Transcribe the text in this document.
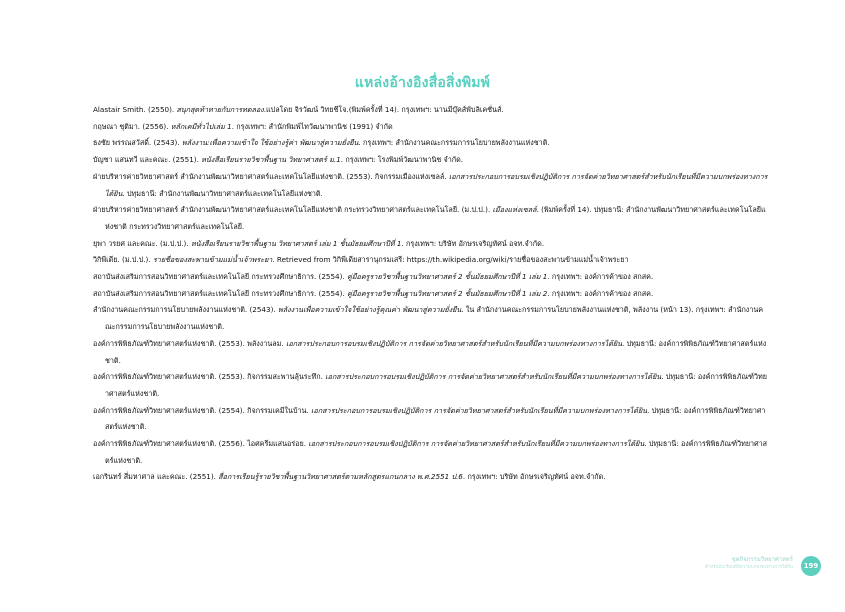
แหล่งอ้างอิงสื่อสิ่งพิมพ์
Alastair Smith. (2550). สนุกสุดท้าทายกับการทดลอง.แปลโดย จิรวัฒน์ วิทยชีโจ.(พิมพ์ครั้งที่ 14). กรุงเทพฯ: นานมีบุ๊คส์พับลิเคชั่นส์.
กฤษณา ชุติมา. (2556). หลักเคมีทั่วไปเล่ม 1. กรุงเทพฯ: สำนักพิมพ์ไทวัฒนาพานิช (1991) จำกัด
ธงชัย พรรณสวัสดิ์. (2543). พลังงาน:เพื่อความเข้าใจ ใช้อย่างรู้ค่า พัฒนาสู่ความยั่งยืน. กรุงเทพฯ: สำนักงานคณะกรรมการนโยบายพลังงานแห่งชาติ.
บัญชา แสนทวี และคณะ. (2551). หนังสือเรียนรายวิชาพื้นฐาน วิทยาศาสตร์ ม.1. กรุงเทพฯ: โรงพิมพ์วัฒนาพานิช จำกัด.
ฝ่ายบริหารค่ายวิทยาศาสตร์ สำนักงานพัฒนาวิทยาศาสตร์และเทคโนโลยีแห่งชาติ. (2553). กิจกรรมเมืองแห่งเซลล์. เอกสารประกอบการอบรมเชิงปฏิบัติการ การจัดค่ายวิทยาศาสตร์สำหรับนักเรียนที่มีความบกพร่องทางการได้ยิน. ปทุมธานี: สำนักงานพัฒนาวิทยาศาสตร์และเทคโนโลยีแห่งชาติ.
ฝ่ายบริหารค่ายวิทยาศาสตร์ สำนักงานพัฒนาวิทยาศาสตร์และเทคโนโลยีแห่งชาติ กระทรวงวิทยาศาสตร์และเทคโนโลยี. (ม.ป.ป.). เมืองแห่งเซลล์. (พิมพ์ครั้งที่ 14). ปทุมธานี: สำนักงานพัฒนาวิทยาศาสตร์และเทคโนโลยีแห่งชาติ กระทรวงวิทยาศาสตร์และเทคโนโลยี.
ยุพา วรยศ และคณะ. (ม.ป.ป.). หนังสือเรียนรายวิชาพื้นฐาน วิทยาศาสตร์ เล่ม 1 ชั้นมัธยมศึกษาปีที่ 1. กรุงเทพฯ: บริษัท อักษรเจริญทัศน์ อจท.จำกัด.
วิกิพีเดีย. (ม.ป.ป.). รายชื่อของสะพานข้ามแม่น้ำเจ้าพระยา. Retrieved from วิกิพีเดียสารานุกรมเสรี: https://th.wikipedia.org/wiki/รายชื่อของสะพานข้ามแม่น้ำเจ้าพระยา
สถาบันส่งเสริมการสอนวิทยาศาสตร์และเทคโนโลยี กระทรวงศึกษาธิการ. (2554). คู่มือครูรายวิชาพื้นฐานวิทยาศาสตร์ 2 ชั้นมัธยมศึกษาปีที่ 1 เล่ม 1. กรุงเทพฯ: องค์การค้าของ สกสค.
สถาบันส่งเสริมการสอนวิทยาศาสตร์และเทคโนโลยี กระทรวงศึกษาธิการ. (2554). คู่มือครูรายวิชาพื้นฐานวิทยาศาสตร์ 2 ชั้นมัธยมศึกษาปีที่ 1 เล่ม 2. กรุงเทพฯ: องค์การค้าของ สกสค.
สำนักงานคณะกรรมการนโยบายพลังงานแห่งชาติ. (2543). พลังงานเพื่อความเข้าใจใช้อย่างรู้คุณค่า พัฒนาสู่ความยั่งยืน. ใน สำนักงานคณะกรรมการนโยบายพลังงานแห่งชาติ, พลังงาน (หน้า 13). กรุงเทพฯ: สำนักงานคณะกรรมการนโยบายพลังงานแห่งชาติ.
องค์การพิพิธภัณฑ์วิทยาศาสตร์แห่งชาติ. (2553). พลังงานลม. เอกสารประกอบการอบรมเชิงปฏิบัติการ การจัดค่ายวิทยาศาสตร์สำหรับนักเรียนที่มีความบกพร่องทางการได้ยิน. ปทุมธานี: องค์การพิพิธภัณฑ์วิทยาศาสตร์แห่งชาติ.
องค์การพิพิธภัณฑ์วิทยาศาสตร์แห่งชาติ. (2553). กิจกรรมสะพานลุ้นระทึก. เอกสารประกอบการอบรมเชิงปฏิบัติการ การจัดค่ายวิทยาศาสตร์สำหรับนักเรียนที่มีความบกพร่องทางการได้ยิน. ปทุมธานี: องค์การพิพิธภัณฑ์วิทยาศาสตร์แห่งชาติ.
องค์การพิพิธภัณฑ์วิทยาศาสตร์แห่งชาติ. (2554). กิจกรรมเคมีในบ้าน. เอกสารประกอบการอบรมเชิงปฏิบัติการ การจัดค่ายวิทยาศาสตร์สำหรับนักเรียนที่มีความบกพร่องทางการได้ยิน. ปทุมธานี: องค์การพิพิธภัณฑ์วิทยาศาสตร์แห่งชาติ.
องค์การพิพิธภัณฑ์วิทยาศาสตร์แห่งชาติ. (2556). ไอศครีมแสนอร่อย. เอกสารประกอบการอบรมเชิงปฏิบัติการ การจัดค่ายวิทยาศาสตร์สำหรับนักเรียนที่มีความบกพร่องทางการได้ยิน. ปทุมธานี: องค์การพิพิธภัณฑ์วิทยาศาสตร์แห่งชาติ.
เอกรินทร์ สี่มหาศาล และคณะ. (2551). สื่อการเรียนรู้รายวิชาพื้นฐานวิทยาศาสตร์ตามหลักสูตรแกนกลาง พ.ศ.2551 ป.6. กรุงเทพฯ: บริษัท อักษรเจริญทัศน์ อจท.จำกัด.
ชุดกิจกรรมวิทยาศาสตร์
สำหรับนักเรียนที่มีความบกพร่องทางการได้ยิน	199
